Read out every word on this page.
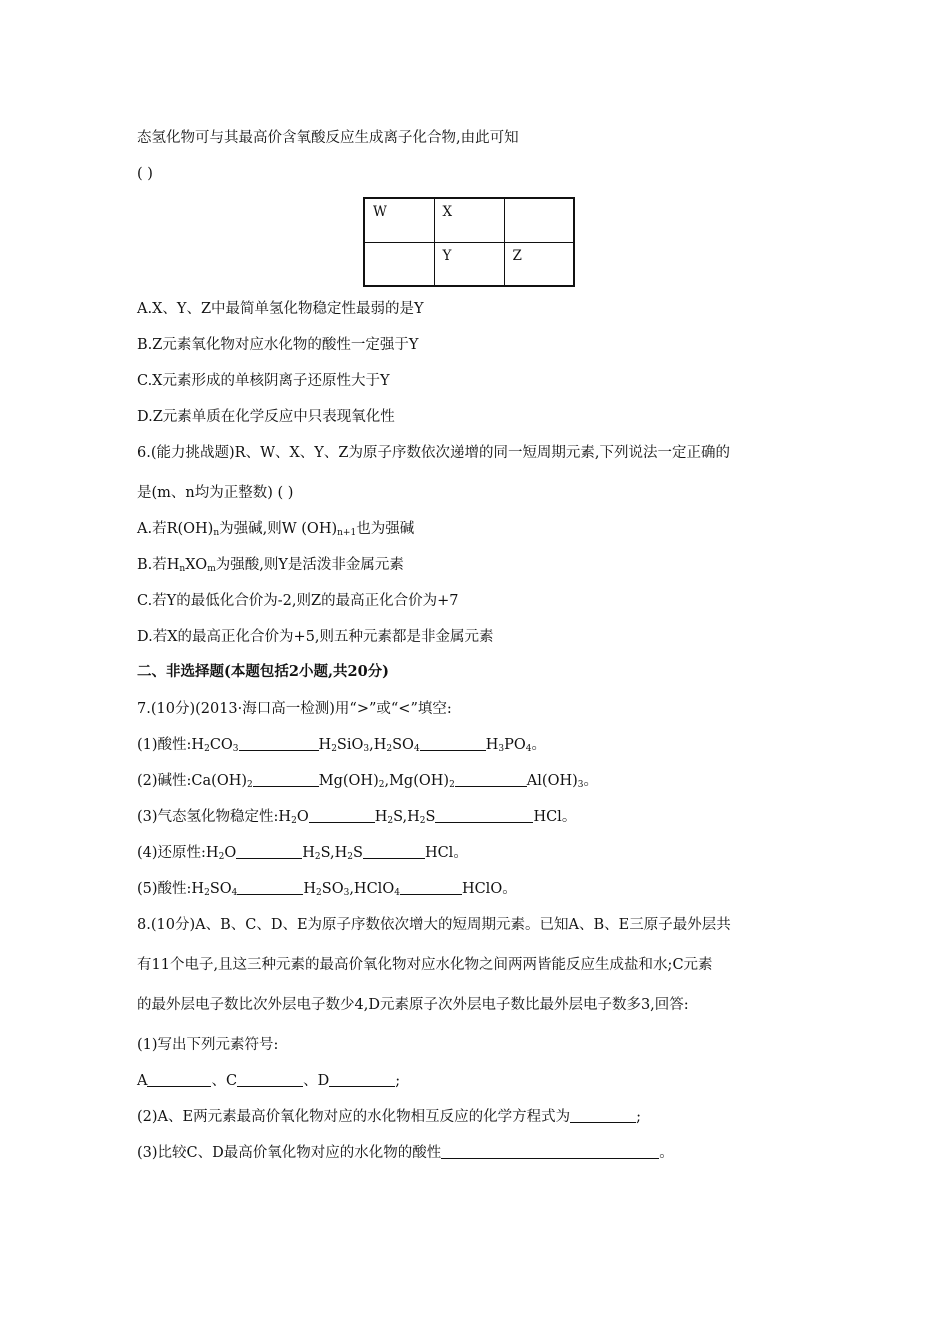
态氢化物可与其最高价含氧酸反应生成离子化合物,由此可知
( )
W	X	
	Y	Z
A.X、Y、Z中最简单氢化物稳定性最弱的是Y
B.Z元素氧化物对应水化物的酸性一定强于Y
C.X元素形成的单核阴离子还原性大于Y
D.Z元素单质在化学反应中只表现氧化性
6.(能力挑战题)R、W、X、Y、Z为原子序数依次递增的同一短周期元素,下列说法一定正确的
是(m、n均为正整数) ( )
A.若$R(OH)_n$为强碱,则W $(OH)_{n+1}$也为强碱
B.若$H_nXO_m$为强酸,则Y是活泼非金属元素
C.若Y的最低化合价为-2,则Z的最高正化合价为+7
D.若X的最高正化合价为+5,则五种元素都是非金属元素
二、非选择题(本题包括2小题,共20分)
7.(10分)(2013·海口高一检测)用“>”或“<”填空:
(1)酸性$:H_2CO_3$	$H_2SiO_3,H_2SO_4$	$H_3PO_4$。
(2)碱性$:Ca(OH)_2$	$Mg(OH)_2,Mg(OH)_2$	$Al(OH)_3$。
(3)气态氢化物稳定性$:H_2O$	$H_2S,H_2S$	HCl。
(4)还原性$:H_2O$	$H_2S,H_2S$	HCl。
(5)酸性$:H_2SO_4$	$H_2SO_3,HClO_4$	HClO。
8.(10分)A、B、C、D、E为原子序数依次增大的短周期元素。已知A、B、E三原子最外层共
有11个电子,且这三种元素的最高价氧化物对应水化物之间两两皆能反应生成盐和水;C元素
的最外层电子数比次外层电子数少4,D元素原子次外层电子数比最外层电子数多3,回答:
(1)写出下列元素符号:
A	、C	、D	;
(2)A、E两元素最高价氧化物对应的水化物相互反应的化学方程式为	;
(3)比较C、D最高价氧化物对应的水化物的酸性	。
